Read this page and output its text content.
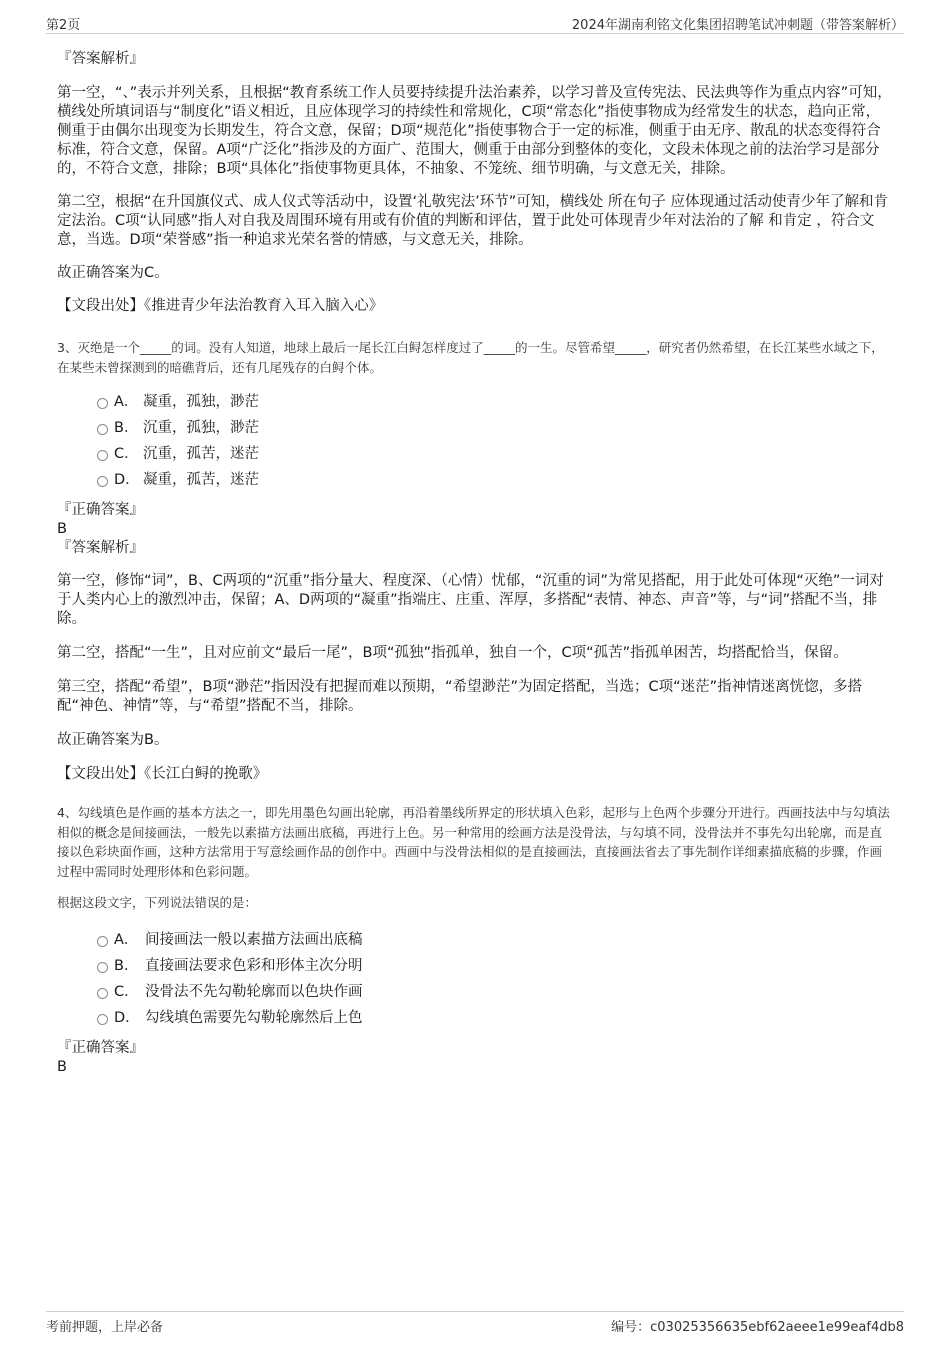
第2页	2024年湖南利铭文化集团招聘笔试冲刺题（带答案解析）

『答案解析』

第一空，“、”表示并列关系，且根据“教育系统工作人员要持续提升法治素养，以学习普及宣传宪法、民法典等作为重点内容”可知，横线处所填词语与“制度化”语义相近，且应体现学习的持续性和常规化，C项“常态化”指使事物成为经常发生的状态，趋向正常，侧重于由偶尔出现变为长期发生，符合文意，保留；D项“规范化”指使事物合于一定的标准，侧重于由无序、散乱的状态变得符合标准，符合文意，保留。A项“广泛化”指涉及的方面广、范围大，侧重于由部分到整体的变化，文段未体现之前的法治学习是部分的，不符合文意，排除；B项“具体化”指使事物更具体，不抽象、不笼统、细节明确，与文意无关，排除。

第二空，根据“在升国旗仪式、成人仪式等活动中，设置‘礼敬宪法’环节”可知，横线处 所在句子 应体现通过活动使青少年了解和肯定法治。C项“认同感”指人对自我及周围环境有用或有价值的判断和评估，置于此处可体现青少年对法治的了解 和肯定 ，符合文意，当选。D项“荣誉感”指一种追求光荣名誉的情感，与文意无关，排除。

故正确答案为C。

【文段出处】《推进青少年法治教育入耳入脑入心》

3、灭绝是一个_____的词。没有人知道，地球上最后一尾长江白鲟怎样度过了_____的一生。尽管希望_____，研究者仍然希望，在长江某些水域之下，在某些未曾探测到的暗礁背后，还有几尾残存的白鲟个体。

A． 凝重，孤独，渺茫
B． 沉重，孤独，渺茫
C． 沉重，孤苦，迷茫
D． 凝重，孤苦，迷茫

『正确答案』

B

『答案解析』

第一空，修饰“词”，B、C两项的“沉重”指分量大、程度深、（心情）忧郁，“沉重的词”为常见搭配，用于此处可体现“灭绝”一词对于人类内心上的激烈冲击，保留；A、D两项的“凝重”指端庄、庄重、浑厚，多搭配“表情、神态、声音”等，与“词”搭配不当，排除。

第二空，搭配“一生”，且对应前文“最后一尾”，B项“孤独”指孤单，独自一个，C项“孤苦”指孤单困苦，均搭配恰当，保留。

第三空，搭配“希望”，B项“渺茫”指因没有把握而难以预期，“希望渺茫”为固定搭配，当选；C项“迷茫”指神情迷离恍惚，多搭配“神色、神情”等，与“希望”搭配不当，排除。

故正确答案为B。

【文段出处】《长江白鲟的挽歌》

4、勾线填色是作画的基本方法之一，即先用墨色勾画出轮廓，再沿着墨线所界定的形状填入色彩，起形与上色两个步骤分开进行。西画技法中与勾填法相似的概念是间接画法，一般先以素描方法画出底稿，再进行上色。另一种常用的绘画方法是没骨法，与勾填不同，没骨法并不事先勾出轮廓，而是直接以色彩块面作画，这种方法常用于写意绘画作品的创作中。西画中与没骨法相似的是直接画法，直接画法省去了事先制作详细素描底稿的步骤，作画过程中需同时处理形体和色彩问题。

根据这段文字，下列说法错误的是：

A． 间接画法一般以素描方法画出底稿
B． 直接画法要求色彩和形体主次分明
C． 没骨法不先勾勒轮廓而以色块作画
D． 勾线填色需要先勾勒轮廓然后上色

『正确答案』

B

考前押题，上岸必备	编号：c03025356635ebf62aeee1e99eaf4db8
